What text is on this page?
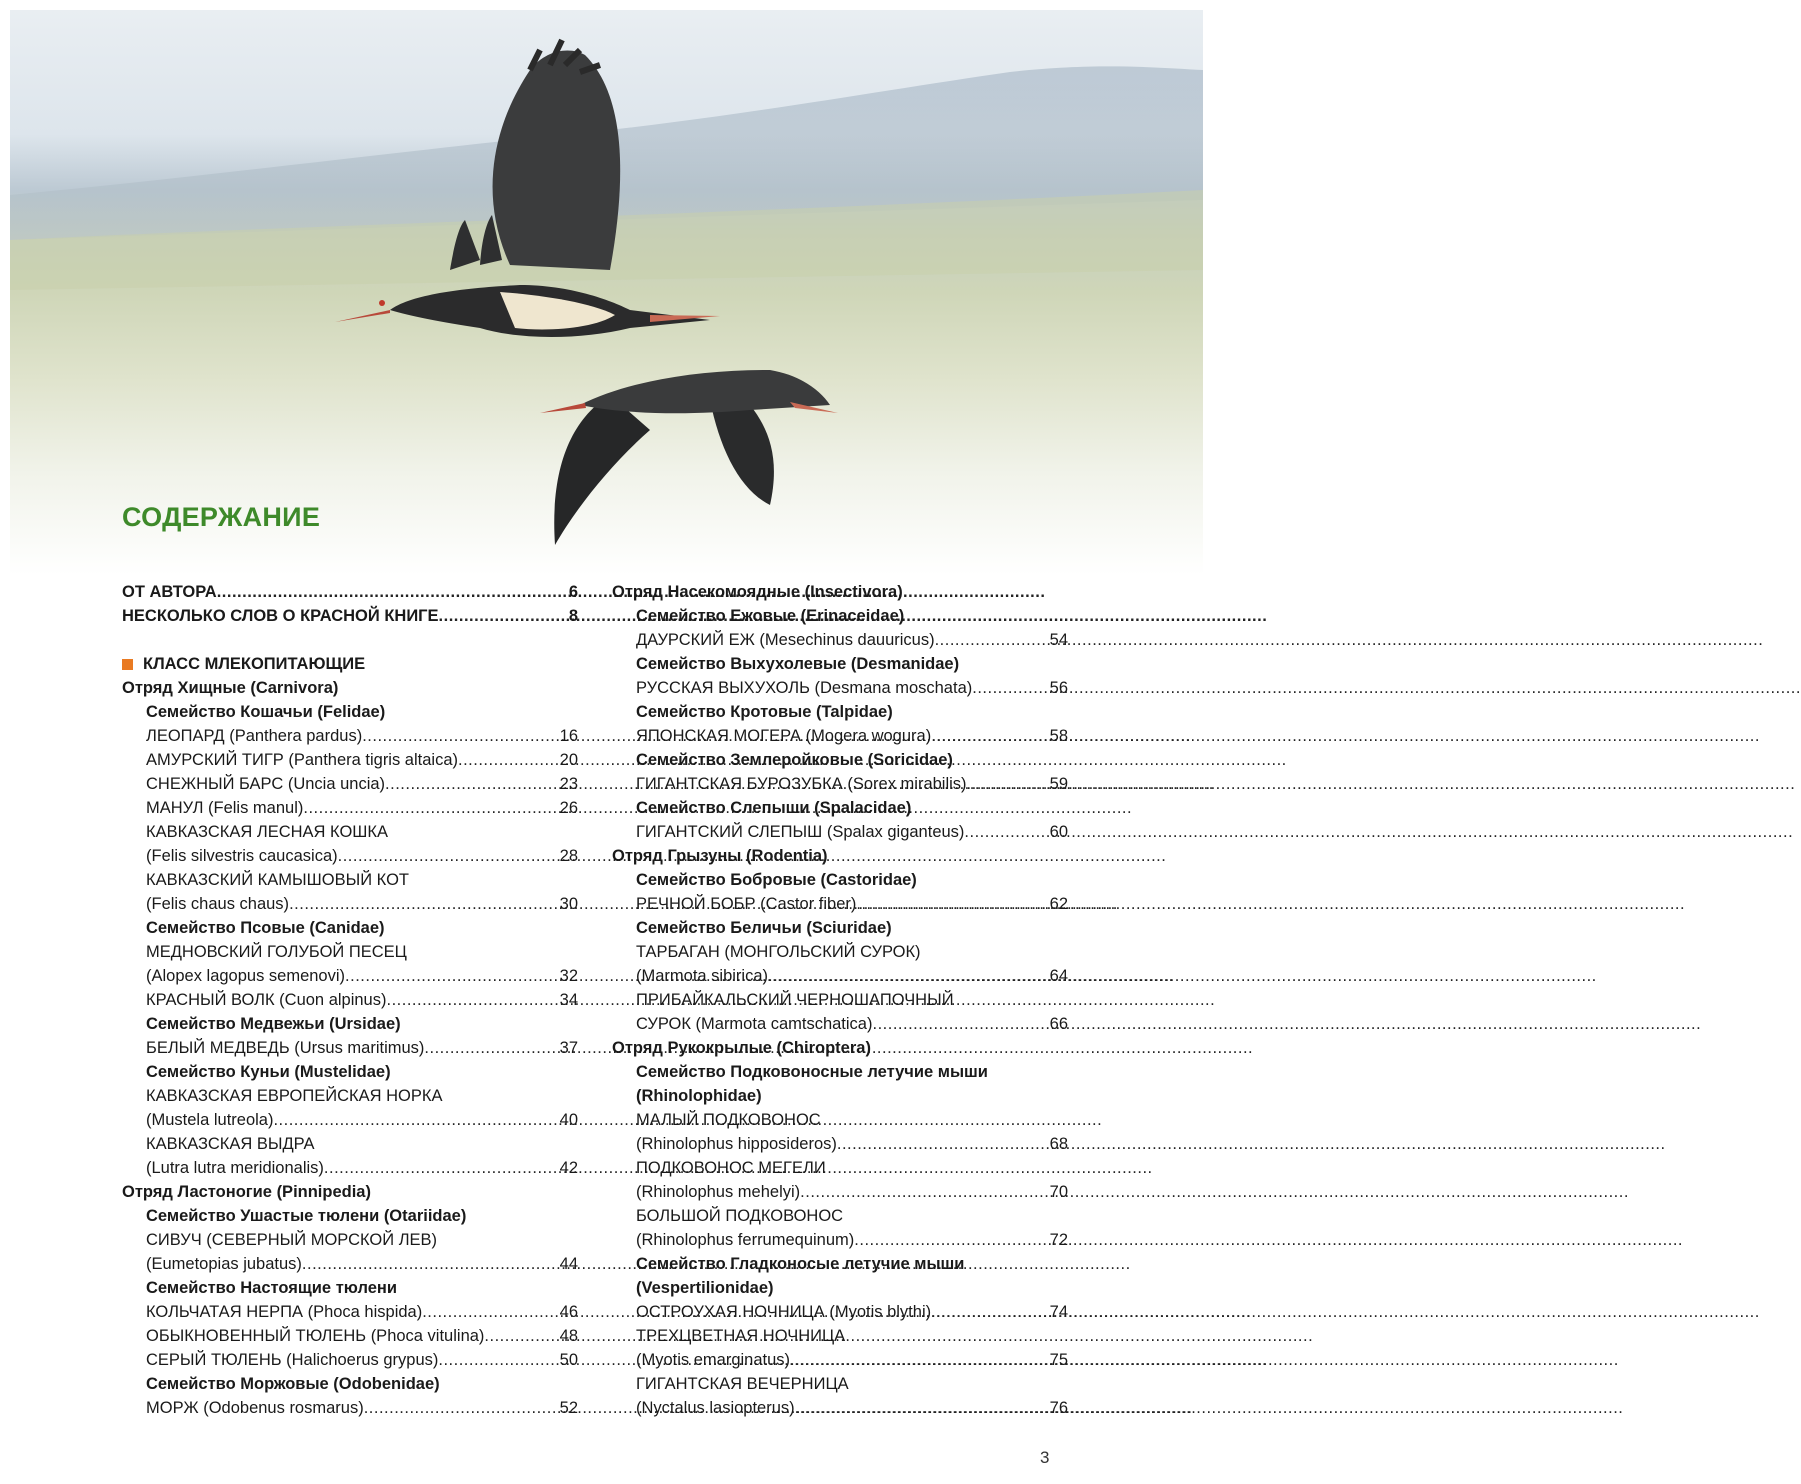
СОДЕРЖАНИЕ
ОТ АВТОРА .....	6
НЕСКОЛЬКО СЛОВ О КРАСНОЙ КНИГЕ .....	8
КЛАСС МЛЕКОПИТАЮЩИЕ
Отряд Хищные (Carnivora)
Семейство Кошачьи (Felidae)
ЛЕОПАРД (Panthera pardus) .....	16
АМУРСКИЙ ТИГР (Panthera tigris altaica) .....	20
СНЕЖНЫЙ БАРС (Uncia uncia) .....	23
МАНУЛ (Felis manul) .....	26
КАВКАЗСКАЯ ЛЕСНАЯ КОШКА
(Felis silvestris caucasica) .....	28
КАВКАЗСКИЙ КАМЫШОВЫЙ КОТ
(Felis chaus chaus) .....	30
Семейство Псовые (Canidae)
МЕДНОВСКИЙ ГОЛУБОЙ ПЕСЕЦ
(Alopex lagopus semenovi) .....	32
КРАСНЫЙ ВОЛК (Cuon alpinus) .....	34
Семейство Медвежьи (Ursidae)
БЕЛЫЙ МЕДВЕДЬ (Ursus maritimus) .....	37
Семейство Куньи (Mustelidae)
КАВКАЗСКАЯ ЕВРОПЕЙСКАЯ НОРКА
(Mustela lutreola) .....	40
КАВКАЗСКАЯ ВЫДРА
(Lutra lutra meridionalis) .....	42
Отряд Ластоногие (Pinnipedia)
Семейство Ушастые тюлени (Otariidae)
СИВУЧ (СЕВЕРНЫЙ МОРСКОЙ ЛЕВ)
(Eumetopias jubatus) .....	44
Семейство Настоящие тюлени
КОЛЬЧАТАЯ НЕРПА (Phoca hispida) .....	46
ОБЫКНОВЕННЫЙ ТЮЛЕНЬ (Phoca vitulina) .....	48
СЕРЫЙ ТЮЛЕНЬ (Halichoerus grypus) .....	50
Семейство Моржовые (Odobenidae)
МОРЖ (Odobenus rosmarus) .....	52
Отряд Насекомоядные (Insectivora)
Семейство Ежовые (Erinaceidae)
ДАУРСКИЙ ЕЖ (Mesechinus dauuricus) .....	54
Семейство Выхухолевые (Desmanidae)
РУССКАЯ ВЫХУХОЛЬ (Desmana moschata) .....	56
Семейство Кротовые (Talpidae)
ЯПОНСКАЯ МОГЕРА (Mogera wogura) .....	58
Семейство Землеройковые (Soricidae)
ГИГАНТСКАЯ БУРОЗУБКА (Sorex mirabilis) .....	59
Семейство Слепыши (Spalacidae)
ГИГАНТСКИЙ СЛЕПЫШ (Spalax giganteus) .....	60
Отряд Грызуны (Rodentia)
Семейство Бобровые (Castoridae)
РЕЧНОЙ БОБР (Castor fiber) .....	62
Семейство Беличьи (Sciuridae)
ТАРБАГАН (МОНГОЛЬСКИЙ СУРОК)
(Marmota sibirica) .....	64
ПРИБАЙКАЛЬСКИЙ ЧЕРНОШАПОЧНЫЙ
СУРОК (Marmota camtschatica) .....	66
Отряд Рукокрылые (Chiroptera)
Семейство Подковоносные летучие мыши
(Rhinolophidae)
МАЛЫЙ ПОДКОВОНОС
(Rhinolophus hipposideros) .....	68
ПОДКОВОНОС МЕГЕЛИ
(Rhinolophus mehelyi) .....	70
БОЛЬШОЙ ПОДКОВОНОС
(Rhinolophus ferrumequinum) .....	72
Семейство Гладконосые летучие мыши
(Vespertilionidae)
ОСТРОУХАЯ НОЧНИЦА (Myotis blythi) .....	74
ТРЕХЦВЕТНАЯ НОЧНИЦА
(Myotis emarginatus) .....	75
ГИГАНТСКАЯ ВЕЧЕРНИЦА
(Nyctalus lasiopterus) .....	76
3
